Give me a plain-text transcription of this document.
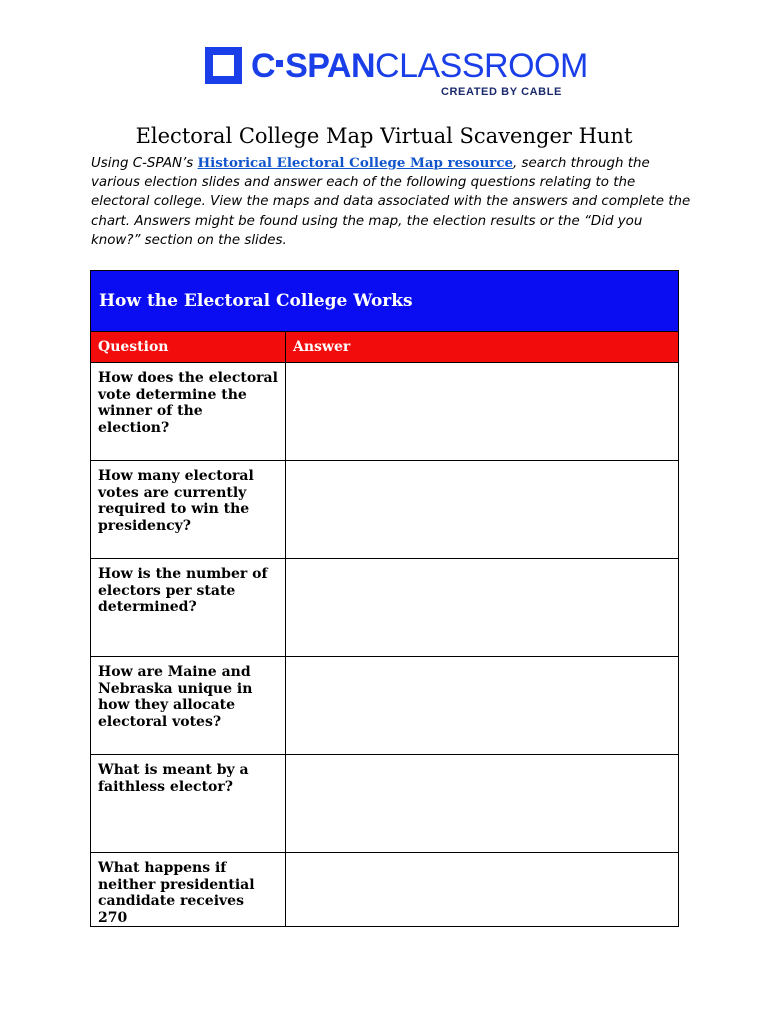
C SPANCLASSROOM
CREATED BY CABLE
Electoral College Map Virtual Scavenger Hunt

Using C-SPAN’s Historical Electoral College Map resource, search through the various election slides and answer each of the following questions relating to the electoral college. View the maps and data associated with the answers and complete the chart. Answers might be found using the map, the election results or the “Did you know?” section on the slides.

How the Electoral College Works	
Question	Answer
How does the electoral vote determine the winner of the election?	
How many electoral votes are currently required to win the presidency?	
How is the number of electors per state determined?	
How are Maine and Nebraska unique in how they allocate electoral votes?	
What is meant by a faithless elector?	
What happens if neither presidential candidate receives 270	
